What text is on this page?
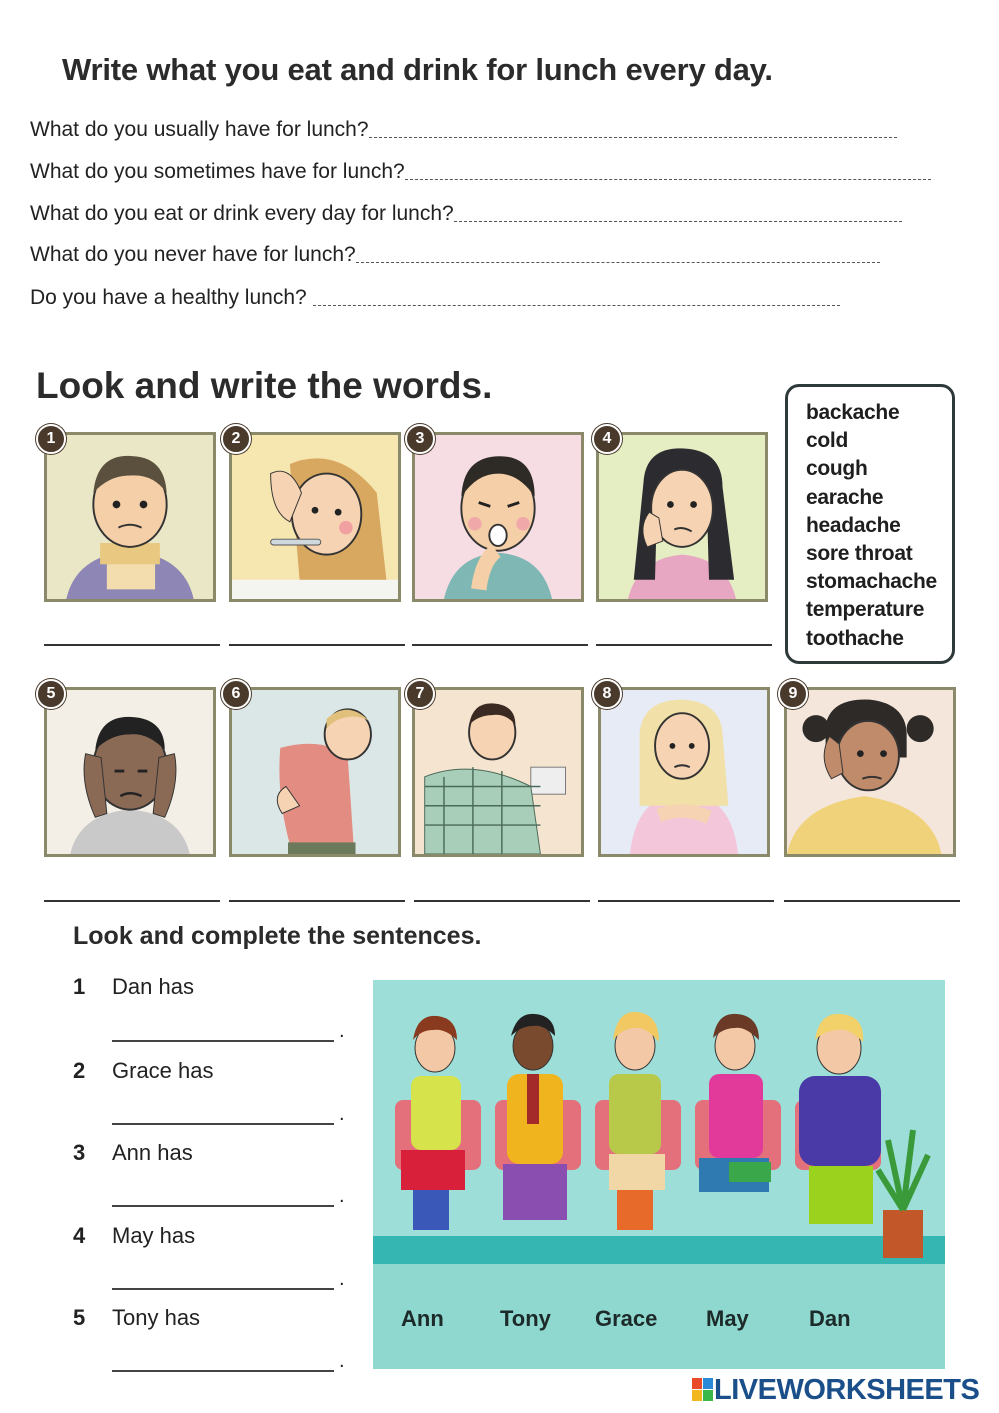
Write what you eat and drink for lunch every day.
What do you usually have for lunch?
What do you sometimes have for lunch?
What do you eat or drink every day for lunch?
What do you never have for lunch?
Do you have a healthy lunch?
Look and write the words.
1	2	3	4
backache
cold
cough
earache
headache
sore throat
stomachache
temperature
toothache
5	6	7	8	9
Look and complete the sentences.
1 Dan has
.
2 Grace has
.
3 Ann has
.
4 May has
.
5 Tony has
.
Ann	Tony Grace May	Dan
LIVEWORKSHEETS
